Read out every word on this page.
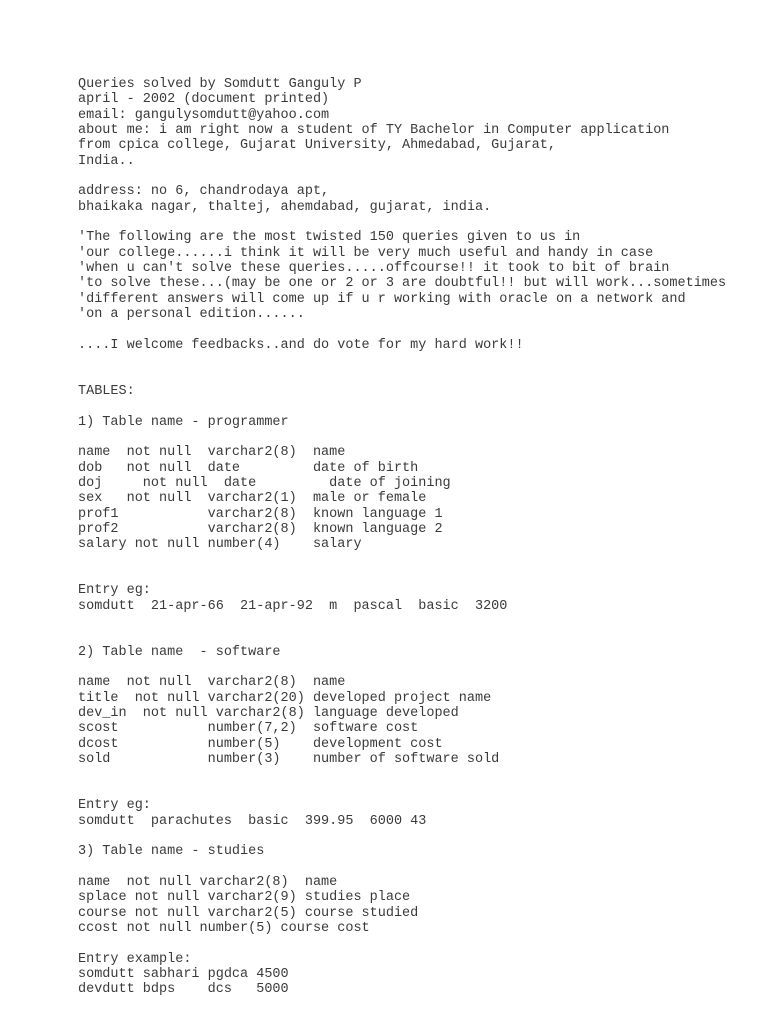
Queries solved by Somdutt Ganguly P
april - 2002 (document printed)
email: gangulysomdutt@yahoo.com
about me: i am right now a student of TY Bachelor in Computer application
from cpica college, Gujarat University, Ahmedabad, Gujarat,
India..
address: no 6, chandrodaya apt,
bhaikaka nagar, thaltej, ahemdabad, gujarat, india.
'The following are the most twisted 150 queries given to us in
'our college......i think it will be very much useful and handy in case
'when u can't solve these queries.....offcourse!! it took to bit of brain
'to solve these...(may be one or 2 or 3 are doubtful!! but will work...sometimes
'different answers will come up if u r working with oracle on a network and
'on a personal edition......
....I welcome feedbacks..and do vote for my hard work!!
TABLES:
1) Table name - programmer
name  not null  varchar2(8)  name
dob   not null  date         date of birth
doj     not null  date         date of joining
sex   not null  varchar2(1)  male or female
prof1           varchar2(8)  known language 1
prof2           varchar2(8)  known language 2
salary not null number(4)    salary
Entry eg:
somdutt  21-apr-66  21-apr-92  m  pascal  basic  3200
2) Table name  - software
name  not null  varchar2(8)  name
title  not null varchar2(20) developed project name
dev_in  not null varchar2(8) language developed
scost           number(7,2)  software cost
dcost           number(5)    development cost
sold            number(3)    number of software sold
Entry eg:
somdutt  parachutes  basic  399.95  6000 43
3) Table name - studies
name  not null varchar2(8)  name
splace not null varchar2(9) studies place
course not null varchar2(5) course studied
ccost not null number(5) course cost
Entry example:
somdutt sabhari pgdca 4500
devdutt bdps    dcs   5000
